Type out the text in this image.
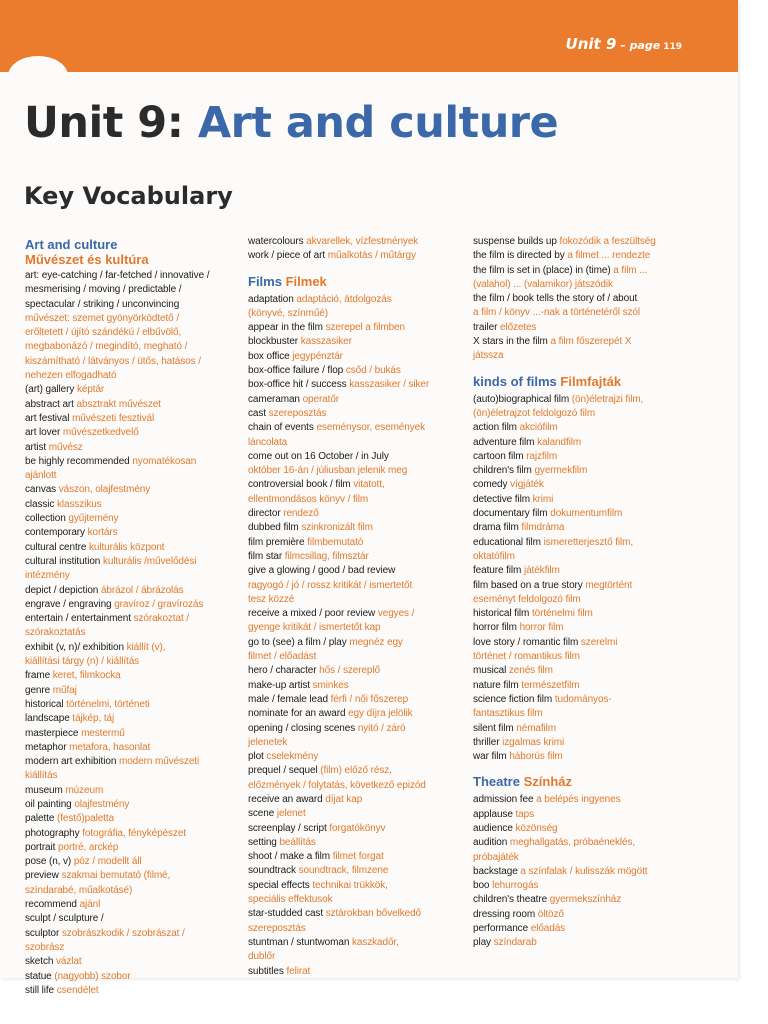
Unit 9 – page 119
Unit 9: Art and culture
Key Vocabulary
Art and culture
Művészet és kultúra
art: eye-catching / far-fetched / innovative /
mesmerising / moving / predictable /
spectacular / striking / unconvincing
művészet: szemet gyönyörködtető /
erőltetett / újító szándékú / elbűvölő,
megbabonázó / megindító, megható /
kiszámítható / látványos / ütős, hatásos /
nehezen elfogadható
(art) gallery képtár
abstract art absztrakt művészet
art festival művészeti fesztivál
art lover művészetkedvelő
artist művész
be highly recommended nyomatékosan
ajánlott
canvas vászon, olajfestmény
classic klasszikus
collection gyűjtemény
contemporary kortárs
cultural centre kulturális központ
cultural institution kulturális /művelődési
intézmény
depict / depiction ábrázol / ábrázolás
engrave / engraving gravíroz / gravírozás
entertain / entertainment szórakoztat /
szórakoztatás
exhibit (v, n)/ exhibition kiállít (v),
kiállítási tárgy (n) / kiállítás
frame keret, filmkocka
genre műfaj
historical történelmi, történeti
landscape tájkép, táj
masterpiece mestermű
metaphor metafora, hasonlat
modern art exhibition modern művészeti
kiállítás
museum múzeum
oil painting olajfestmény
palette (festő)paletta
photography fotográfia, fényképészet
portrait portré, arckép
pose (n, v) póz / modellt áll
preview szakmai bemutató (filmé,
színdarabé, műalkotásé)
recommend ajánl
sculpt / sculpture /
sculptor szobrászkodik / szobrászat /
szobrász
sketch vázlat
statue (nagyobb) szobor
still life csendélet
watercolours akvarellek, vízfestmények
work / piece of art műalkotás / műtárgy
Films Filmek
adaptation adaptáció, átdolgozás
(könyvé, színműé)
appear in the film szerepel a filmben
blockbuster kasszasiker
box office jegypénztár
box-office failure / flop csőd / bukás
box-office hit / success kasszasiker / siker
cameraman operatőr
cast szereposztás
chain of events eseménysor, események
láncolata
come out on 16 October / in July
október 16-án / júliusban jelenik meg
controversial book / film vitatott,
ellentmondásos könyv / film
director rendező
dubbed film szinkronizált film
film première filmbemutató
film star filmcsillag, filmsztár
give a glowing / good / bad review
ragyogó / jó / rossz kritikát / ismertetőt
tesz közzé
receive a mixed / poor review vegyes /
gyenge kritikát / ismertetőt kap
go to (see) a film / play megnéz egy
filmet / előadást
hero / character hős / szereplő
make-up artist sminkes
male / female lead férfi / női főszerep
nominate for an award egy díjra jelölik
opening / closing scenes nyitó / záró
jelenetek
plot cselekmény
prequel / sequel (film) előző rész,
előzmények / folytatás, következő epizód
receive an award díjat kap
scene jelenet
screenplay / script forgatókönyv
setting beállítás
shoot / make a film filmet forgat
soundtrack soundtrack, filmzene
special effects technikai trükkök,
speciális effektusok
star-studded cast sztárokban bővelkedő
szereposztás
stuntman / stuntwoman kaszkadőr,
dublőr
subtitles felirat
suspense builds up fokozódik a feszültség
the film is directed by a filmet ... rendezte
the film is set in (place) in (time) a film ...
(valahol) ... (valamikor) játszódik
the film / book tells the story of / about
a film / könyv ...-nak a történetéről szól
trailer előzetes
X stars in the film a film főszerepét X
játssza
kinds of films Filmfajták
(auto)biographical film (ön)életrajzi film,
(ön)életrajzot feldolgozó film
action film akciófilm
adventure film kalandfilm
cartoon film rajzfilm
children's film gyermekfilm
comedy vígjáték
detective film krimi
documentary film dokumentumfilm
drama film filmdráma
educational film ismeretterjesztő film,
oktatófilm
feature film játékfilm
film based on a true story megtörtént
eseményt feldolgozó film
historical film történelmi film
horror film horror film
love story / romantic film szerelmi
történet / romantikus film
musical zenés film
nature film természetfilm
science fiction film tudományos-
fantasztikus film
silent film némafilm
thriller izgalmas krimi
war film háborús film
Theatre Színház
admission fee a belépés ingyenes
applause taps
audience közönség
audition meghallgatás, próbaéneklés,
próbajáték
backstage a színfalak / kulisszák mögött
boo lehurrogás
children's theatre gyermekszínház
dressing room öltöző
performance előadás
play színdarab
